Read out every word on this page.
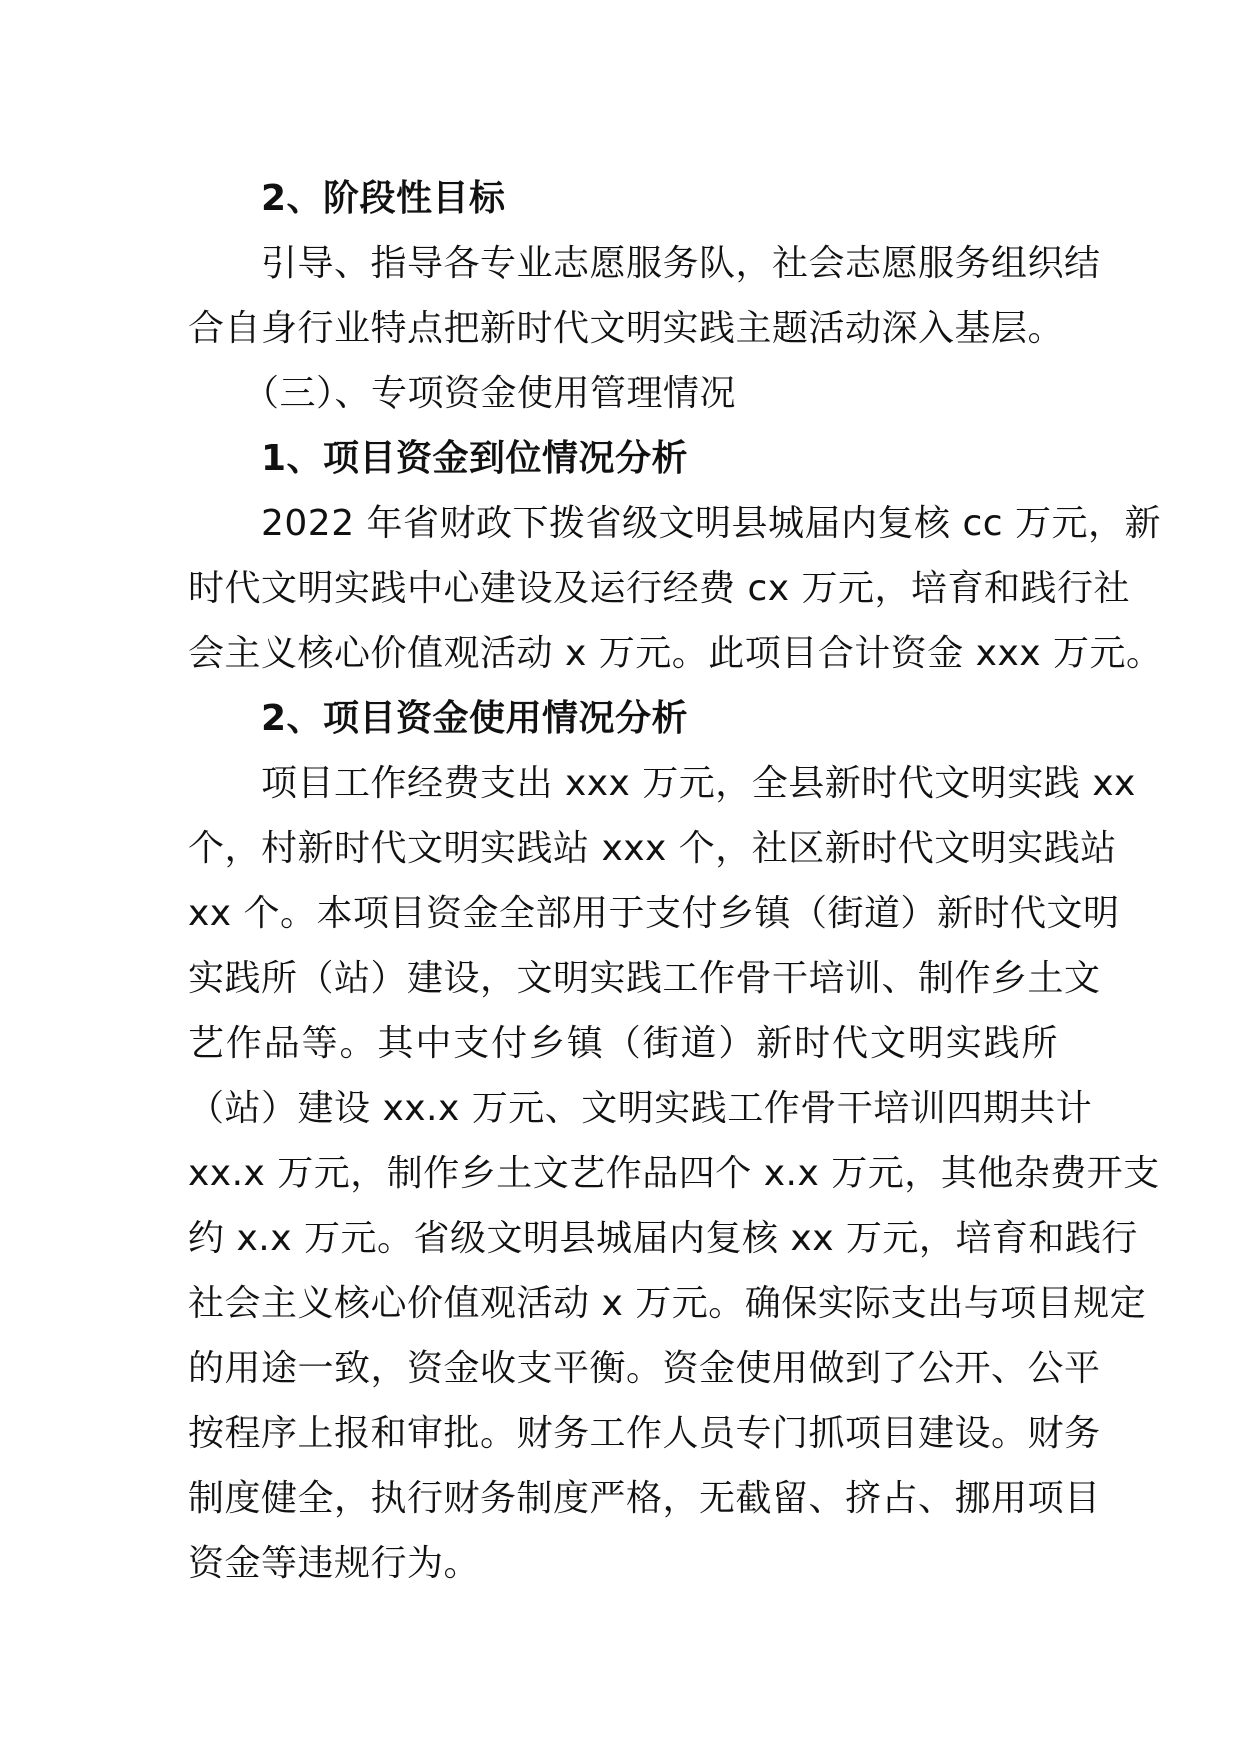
　　2、阶段性目标
　　引导、指导各专业志愿服务队，社会志愿服务组织结
合自身行业特点把新时代文明实践主题活动深入基层。
　　（三）、专项资金使用管理情况
　　1、项目资金到位情况分析
　　2022 年省财政下拨省级文明县城届内复核 cc 万元，新
时代文明实践中心建设及运行经费 cx 万元，培育和践行社
会主义核心价值观活动 x 万元。此项目合计资金 xxx 万元。
　　2、项目资金使用情况分析
　　项目工作经费支出 xxx 万元，全县新时代文明实践 xx
个，村新时代文明实践站 xxx 个，社区新时代文明实践站
xx 个。本项目资金全部用于支付乡镇（街道）新时代文明
实践所（站）建设，文明实践工作骨干培训、制作乡土文
艺作品等。其中支付乡镇（街道）新时代文明实践所
（站）建设 xx.x 万元、文明实践工作骨干培训四期共计
xx.x 万元，制作乡土文艺作品四个 x.x 万元，其他杂费开支
约 x.x 万元。省级文明县城届内复核 xx 万元，培育和践行
社会主义核心价值观活动 x 万元。确保实际支出与项目规定
的用途一致，资金收支平衡。资金使用做到了公开、公平
按程序上报和审批。财务工作人员专门抓项目建设。财务
制度健全，执行财务制度严格，无截留、挤占、挪用项目
资金等违规行为。
